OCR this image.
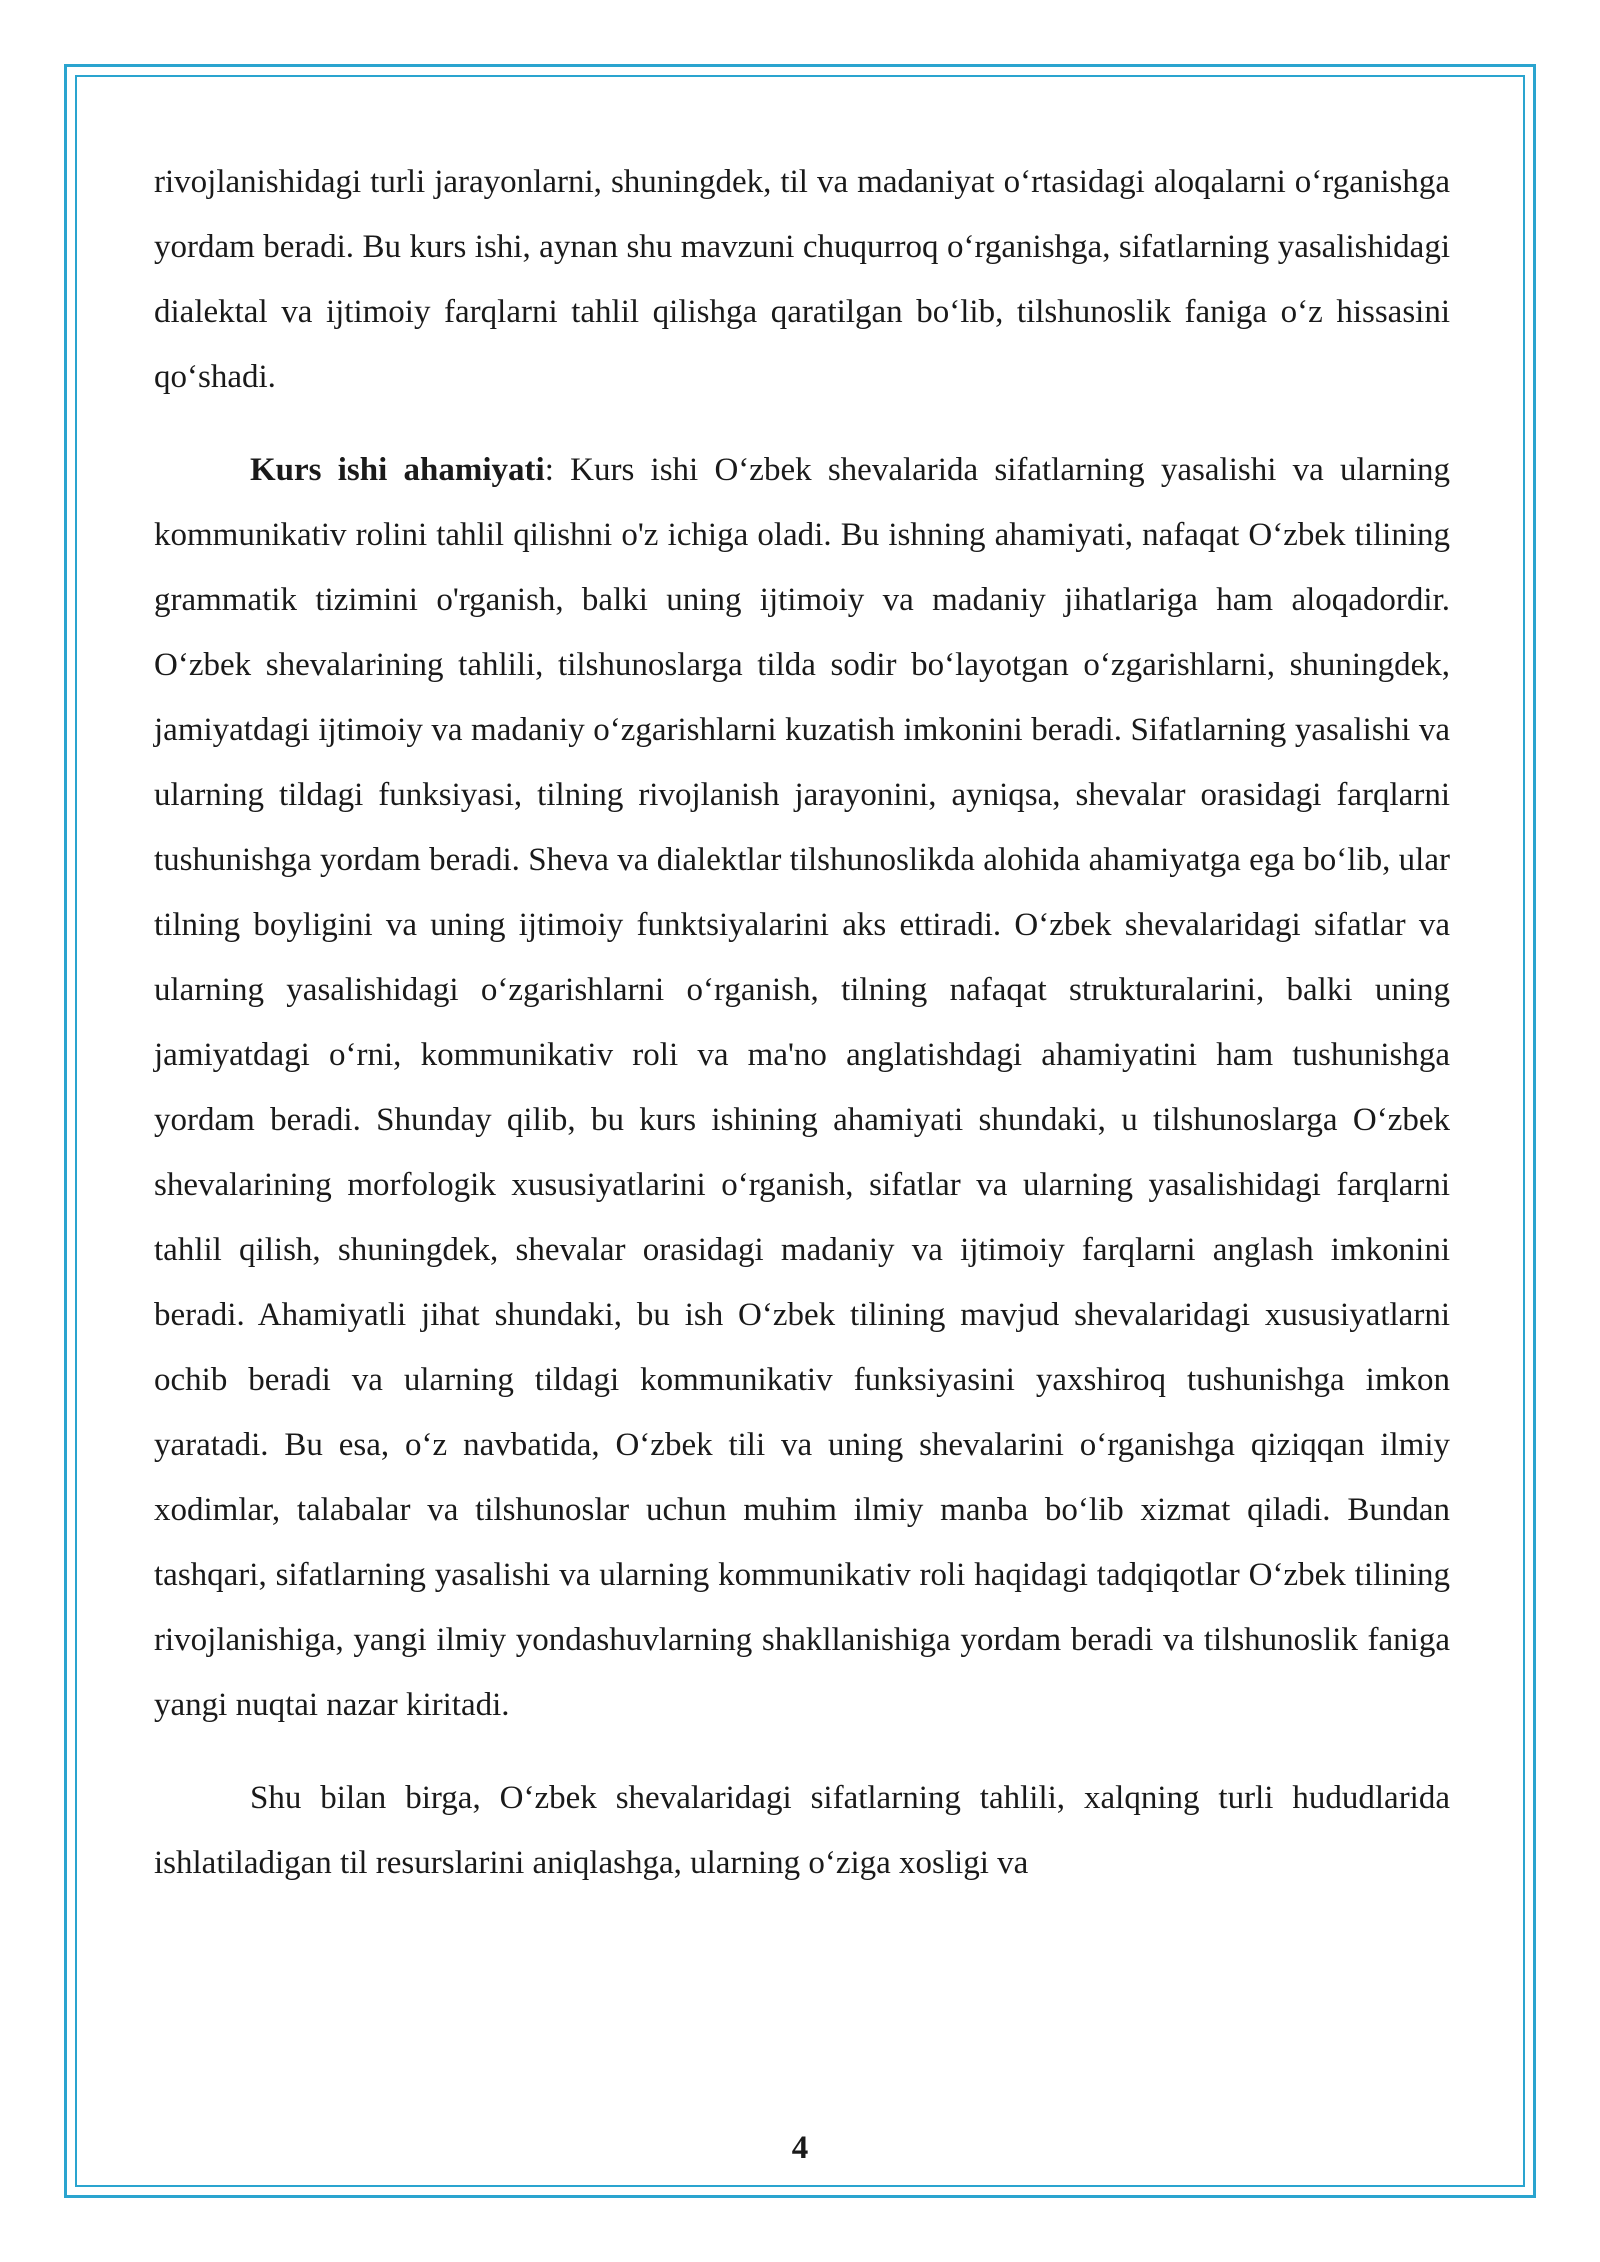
rivojlanishidagi turli jarayonlarni, shuningdek, til va madaniyat o‘rtasidagi aloqalarni o‘rganishga yordam beradi. Bu kurs ishi, aynan shu mavzuni chuqurroq o‘rganishga, sifatlarning yasalishidagi dialektal va ijtimoiy farqlarni tahlil qilishga qaratilgan bo‘lib, tilshunoslik faniga o‘z hissasini qo‘shadi.

Kurs ishi ahamiyati: Kurs ishi O‘zbek shevalarida sifatlarning yasalishi va ularning kommunikativ rolini tahlil qilishni o'z ichiga oladi. Bu ishning ahamiyati, nafaqat O‘zbek tilining grammatik tizimini o'rganish, balki uning ijtimoiy va madaniy jihatlariga ham aloqadordir. O‘zbek shevalarining tahlili, tilshunoslarga tilda sodir bo‘layotgan o‘zgarishlarni, shuningdek, jamiyatdagi ijtimoiy va madaniy o‘zgarishlarni kuzatish imkonini beradi. Sifatlarning yasalishi va ularning tildagi funksiyasi, tilning rivojlanish jarayonini, ayniqsa, shevalar orasidagi farqlarni tushunishga yordam beradi. Sheva va dialektlar tilshunoslikda alohida ahamiyatga ega bo‘lib, ular tilning boyligini va uning ijtimoiy funktsiyalarini aks ettiradi. O‘zbek shevalaridagi sifatlar va ularning yasalishidagi o‘zgarishlarni o‘rganish, tilning nafaqat strukturalarini, balki uning jamiyatdagi o‘rni, kommunikativ roli va ma'no anglatishdagi ahamiyatini ham tushunishga yordam beradi. Shunday qilib, bu kurs ishining ahamiyati shundaki, u tilshunoslarga O‘zbek shevalarining morfologik xususiyatlarini o‘rganish, sifatlar va ularning yasalishidagi farqlarni tahlil qilish, shuningdek, shevalar orasidagi madaniy va ijtimoiy farqlarni anglash imkonini beradi. Ahamiyatli jihat shundaki, bu ish O‘zbek tilining mavjud shevalaridagi xususiyatlarni ochib beradi va ularning tildagi kommunikativ funksiyasini yaxshiroq tushunishga imkon yaratadi. Bu esa, o‘z navbatida, O‘zbek tili va uning shevalarini o‘rganishga qiziqqan ilmiy xodimlar, talabalar va tilshunoslar uchun muhim ilmiy manba bo‘lib xizmat qiladi. Bundan tashqari, sifatlarning yasalishi va ularning kommunikativ roli haqidagi tadqiqotlar O‘zbek tilining rivojlanishiga, yangi ilmiy yondashuvlarning shakllanishiga yordam beradi va tilshunoslik faniga yangi nuqtai nazar kiritadi.

Shu bilan birga, O‘zbek shevalaridagi sifatlarning tahlili, xalqning turli hududlarida ishlatiladigan til resurslarini aniqlashga, ularning o‘ziga xosligi va

4
